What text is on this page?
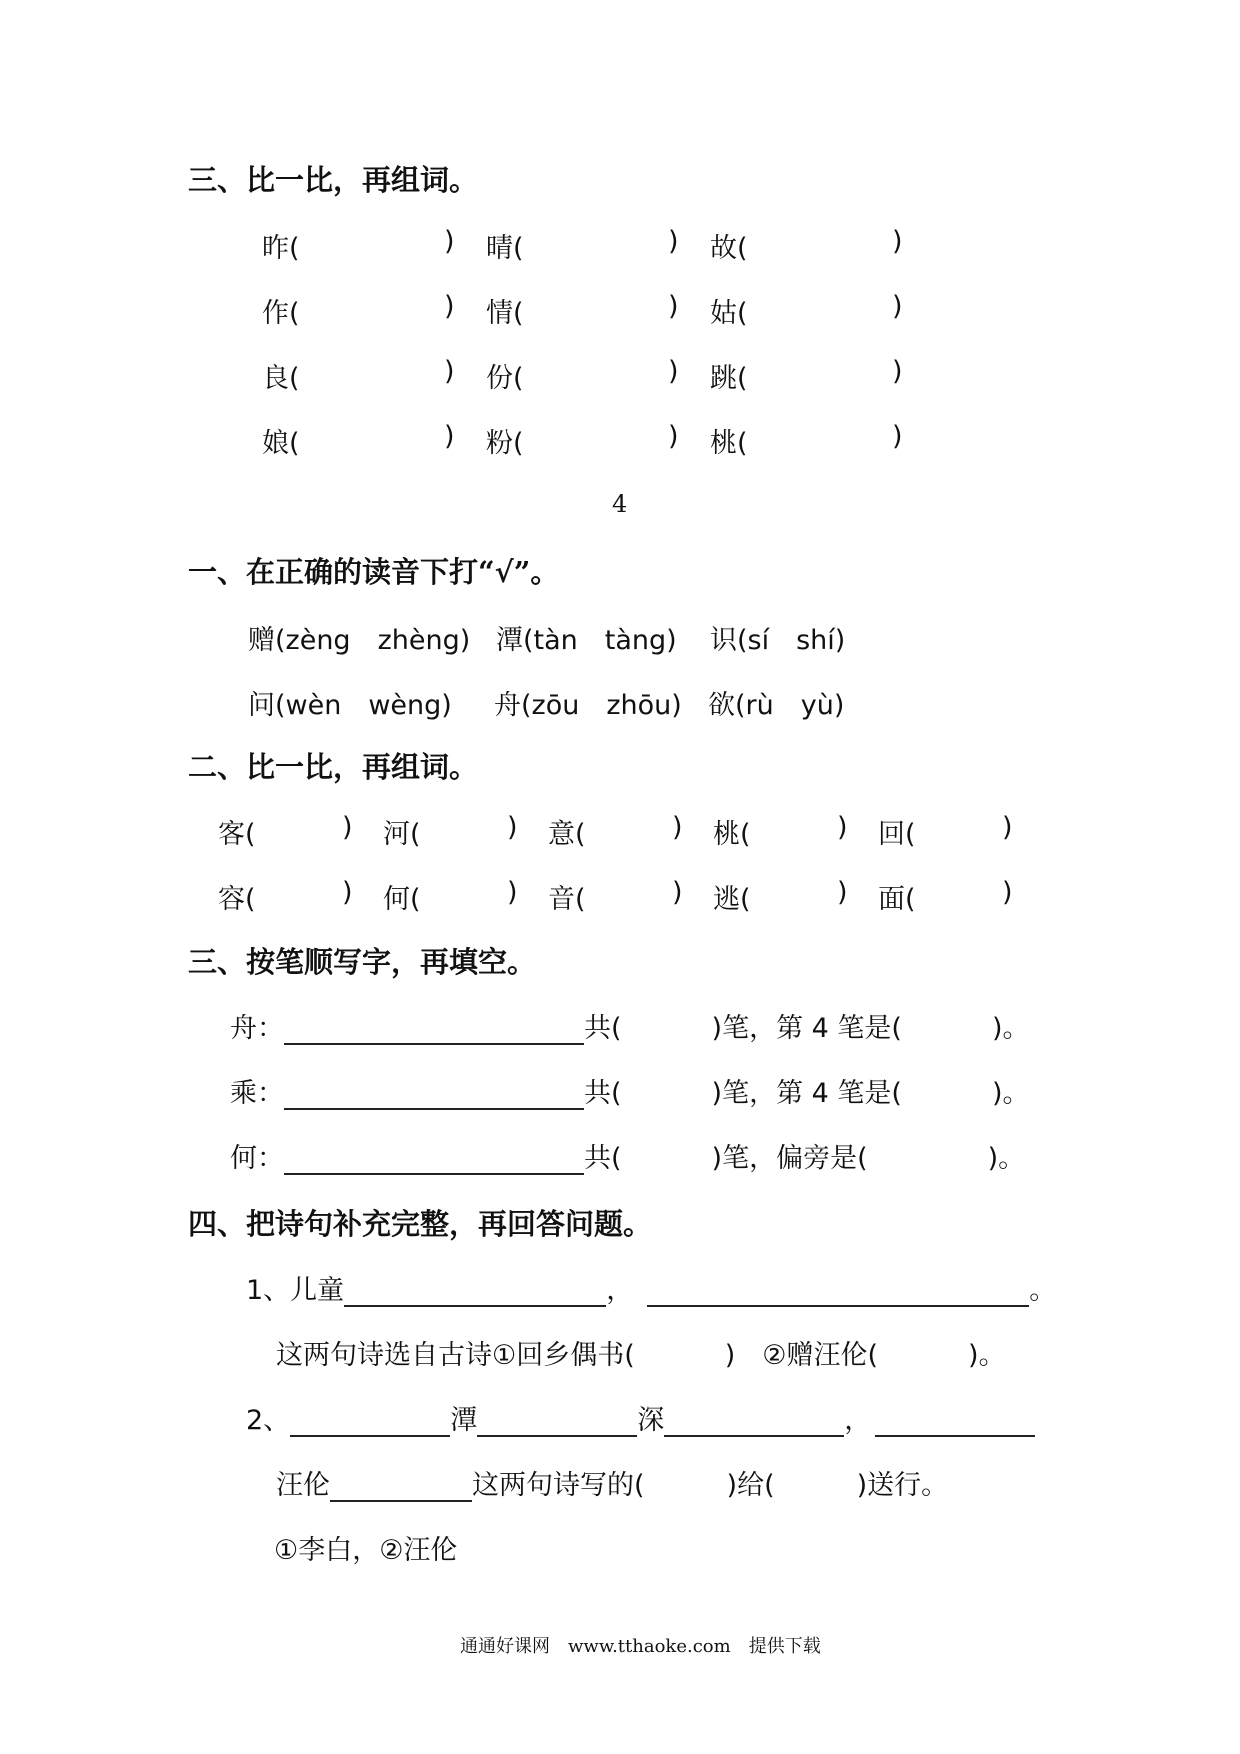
三、比一比，再组词。
昨(	) 晴(	) 故(	)
作(	) 情(	) 姑(	)
良(	) 份(	) 跳(	)
娘(	) 粉(	) 桃(	)
4
一、在正确的读音下打“√”。
赠(zèng　zhèng) 潭(tàn　tàng) 识(sí　shí)
问(wèn　wèng) 舟(zōu　zhōu) 欲(rù　yù)
二、比一比，再组词。
客(	) 河(	) 意(	) 桃(	) 回(	)
容(	) 何(	) 音(	) 逃(	) 面(	)
三、按笔顺写字，再填空。
舟：	共(	)笔，第 4 笔是(	)。
乘：	共(	)笔，第 4 笔是(	)。
何：	共(	)笔，偏旁是(	)。
四、把诗句补充完整，再回答问题。
1、儿童	，	。
这两句诗选自古诗①回乡偶书(	)　②赠汪伦(	)。
2、	潭	深	，
汪伦	这两句诗写的(	)给(	)送行。
①李白，②汪伦
通通好课网　www.tthaoke.com　提供下载
